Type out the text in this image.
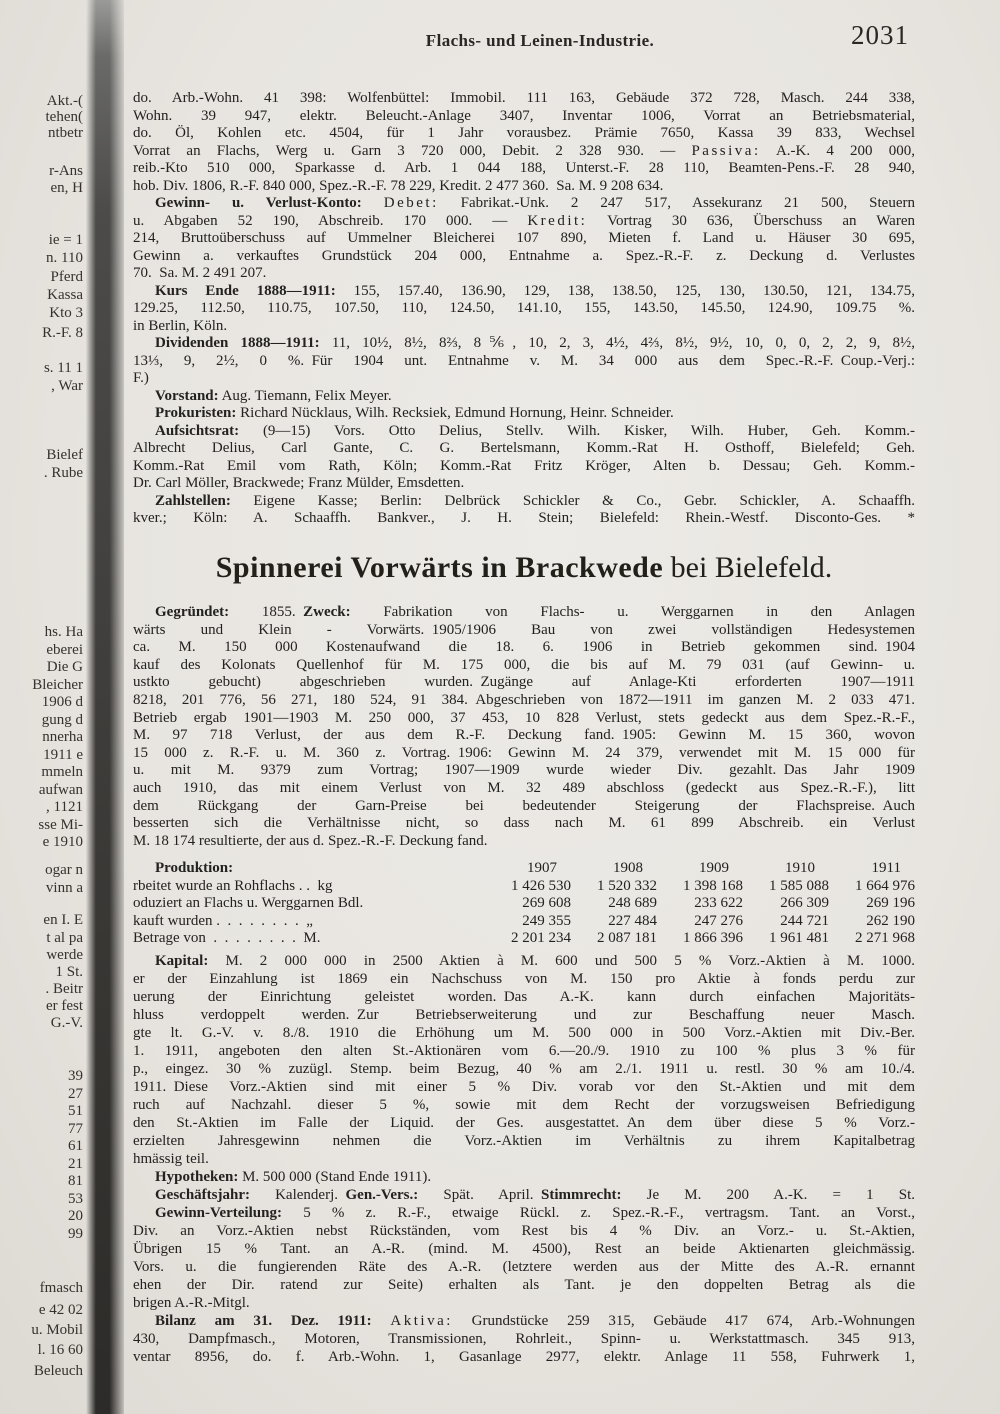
Akt.-(
tehen(
ntbetr
r-Ans
en, H
ie = 1
n. 110
Pferd
Kassa
Kto 3
R.-F. 8
s. 11 1
, War
Bielef
. Rube
hs. Ha
eberei
Die G
Bleicher
1906 d
gung d
nnerha
1911 e
mmeln
aufwan
, 1121
sse Mi-
e 1910
ogar n
vinn a
en I. E
t al pa
werde
1 St.
. Beitr
er fest
G.-V.
39
27
51
77
61
21
81
53
20
99
fmasch
e 42 02
u. Mobil
l. 16 60
Beleuch
Flachs- und Leinen-Industrie.	2031
do. Arb.-Wohn. 41 398: Wolfenbüttel: Immobil. 111 163, Gebäude 372 728, Masch. 244 338,
Wohn. 39 947, elektr. Beleucht.-Anlage 3407, Inventar 1006, Vorrat an Betriebsmaterial,
do. Öl, Kohlen etc. 4504, für 1 Jahr vorausbez. Prämie 7650, Kassa 39 833, Wechsel
Vorrat an Flachs, Werg u. Garn 3 720 000, Debit. 2 328 930. — Passiva: A.-K. 4 200 000,
reib.-Kto 510 000, Sparkasse d. Arb. 1 044 188, Unterst.-F. 28 110, Beamten-Pens.-F. 28 940,
hob. Div. 1806, R.-F. 840 000, Spez.-R.-F. 78 229, Kredit. 2 477 360. Sa. M. 9 208 634.
Gewinn- u. Verlust-Konto: Debet: Fabrikat.-Unk. 2 247 517, Assekuranz 21 500, Steuern
u. Abgaben 52 190, Abschreib. 170 000. — Kredit: Vortrag 30 636, Überschuss an Waren
214, Bruttoüberschuss auf Ummelner Bleicherei 107 890, Mieten f. Land u. Häuser 30 695,
Gewinn a. verkauftes Grundstück 204 000, Entnahme a. Spez.-R.-F. z. Deckung d. Verlustes
70. Sa. M. 2 491 207.
Kurs Ende 1888—1911: 155, 157.40, 136.90, 129, 138, 138.50, 125, 130, 130.50, 121, 134.75,
129.25, 112.50, 110.75, 107.50, 110, 124.50, 141.10, 155, 143.50, 145.50, 124.90, 109.75 %.
in Berlin, Köln.
Dividenden 1888—1911: 11, 10½, 8½, 8⅔, 8⅚, 10, 2, 3, 4½, 4⅔, 8½, 9½, 10, 0, 0, 2, 2, 9, 8½,
13⅓, 9, 2½, 0 %. Für 1904 unt. Entnahme v. M. 34 000 aus dem Spec.-R.-F. Coup.-Verj.:
F.)
Vorstand: Aug. Tiemann, Felix Meyer.
Prokuristen: Richard Nücklaus, Wilh. Recksiek, Edmund Hornung, Heinr. Schneider.
Aufsichtsrat: (9—15) Vors. Otto Delius, Stellv. Wilh. Kisker, Wilh. Huber, Geh. Komm.-
Albrecht Delius, Carl Gante, C. G. Bertelsmann, Komm.-Rat H. Osthoff, Bielefeld; Geh.
Komm.-Rat Emil vom Rath, Köln; Komm.-Rat Fritz Kröger, Alten b. Dessau; Geh. Komm.-
Dr. Carl Möller, Brackwede; Franz Mülder, Emsdetten.
Zahlstellen: Eigene Kasse; Berlin: Delbrück Schickler & Co., Gebr. Schickler, A. Schaaffh.
kver.; Köln: A. Schaaffh. Bankver., J. H. Stein; Bielefeld: Rhein.-Westf. Disconto-Ges. *
Spinnerei Vorwärts in Brackwede bei Bielefeld.
Gegründet: 1855. Zweck: Fabrikation von Flachs- u. Werggarnen in den Anlagen
wärts und Klein - Vorwärts. 1905/1906 Bau von zwei vollständigen Hedesystemen
ca. M. 150 000 Kostenaufwand die 18. 6. 1906 in Betrieb gekommen sind. 1904
kauf des Kolonats Quellenhof für M. 175 000, die bis auf M. 79 031 (auf Gewinn- u.
ustkto gebucht) abgeschrieben wurden. Zugänge auf Anlage-Kti erforderten 1907—1911
8218, 201 776, 56 271, 180 524, 91 384. Abgeschrieben von 1872—1911 im ganzen M. 2 033 471.
Betrieb ergab 1901—1903 M. 250 000, 37 453, 10 828 Verlust, stets gedeckt aus dem Spez.-R.-F.,
M. 97 718 Verlust, der aus dem R.-F. Deckung fand. 1905: Gewinn M. 15 360, wovon
15 000 z. R.-F. u. M. 360 z. Vortrag. 1906: Gewinn M. 24 379, verwendet mit M. 15 000 für
u. mit M. 9379 zum Vortrag; 1907—1909 wurde wieder Div. gezahlt. Das Jahr 1909
auch 1910, das mit einem Verlust von M. 32 489 abschloss (gedeckt aus Spez.-R.-F.), litt
dem Rückgang der Garn-Preise bei bedeutender Steigerung der Flachspreise. Auch
besserten sich die Verhältnisse nicht, so dass nach M. 61 899 Abschreib. ein Verlust
M. 18 174 resultierte, der aus d. Spez.-R.-F. Deckung fand.
Produktion:	1907	1908	1909	1910	1911
rbeitet wurde an Rohflachs . . kg	1 426 530	1 520 332	1 398 168	1 585 088	1 664 976
oduziert an Flachs u. Werggarnen Bdl.	269 608	248 689	233 622	266 309	269 196
kauft wurden . . . . . . . . „	249 355	227 484	247 276	244 721	262 190
Betrage von . . . . . . . . M.	2 201 234	2 087 181	1 866 396	1 961 481	2 271 968
Kapital: M. 2 000 000 in 2500 Aktien à M. 600 und 500 5 % Vorz.-Aktien à M. 1000.
er der Einzahlung ist 1869 ein Nachschuss von M. 150 pro Aktie à fonds perdu zur
uerung der Einrichtung geleistet worden. Das A.-K. kann durch einfachen Majoritäts-
hluss verdoppelt werden. Zur Betriebserweiterung und zur Beschaffung neuer Masch.
gte lt. G.-V. v. 8./8. 1910 die Erhöhung um M. 500 000 in 500 Vorz.-Aktien mit Div.-Ber.
1. 1911, angeboten den alten St.-Aktionären vom 6.—20./9. 1910 zu 100 % plus 3 % für
p., eingez. 30 % zuzügl. Stemp. beim Bezug, 40 % am 2./1. 1911 u. restl. 30 % am 10./4.
1911. Diese Vorz.-Aktien sind mit einer 5 % Div. vorab vor den St.-Aktien und mit dem
ruch auf Nachzahl. dieser 5 %, sowie mit dem Recht der vorzugsweisen Befriedigung
den St.-Aktien im Falle der Liquid. der Ges. ausgestattet. An dem über diese 5 % Vorz.-
erzielten Jahresgewinn nehmen die Vorz.-Aktien im Verhältnis zu ihrem Kapitalbetrag
hmässig teil.
Hypotheken: M. 500 000 (Stand Ende 1911).
Geschäftsjahr: Kalenderj. Gen.-Vers.: Spät. April. Stimmrecht: Je M. 200 A.-K. = 1 St.
Gewinn-Verteilung: 5 % z. R.-F., etwaige Rückl. z. Spez.-R.-F., vertragsm. Tant. an Vorst.,
Div. an Vorz.-Aktien nebst Rückständen, vom Rest bis 4 % Div. an Vorz.- u. St.-Aktien,
Übrigen 15 % Tant. an A.-R. (mind. M. 4500), Rest an beide Aktienarten gleichmässig.
Vors. u. die fungierenden Räte des A.-R. (letztere werden aus der Mitte des A.-R. ernannt
ehen der Dir. ratend zur Seite) erhalten als Tant. je den doppelten Betrag als die
brigen A.-R.-Mitgl.
Bilanz am 31. Dez. 1911: Aktiva: Grundstücke 259 315, Gebäude 417 674, Arb.-Wohnungen
430, Dampfmasch., Motoren, Transmissionen, Rohrleit., Spinn- u. Werkstattmasch. 345 913,
ventar 8956, do. f. Arb.-Wohn. 1, Gasanlage 2977, elektr. Anlage 11 558, Fuhrwerk 1,
